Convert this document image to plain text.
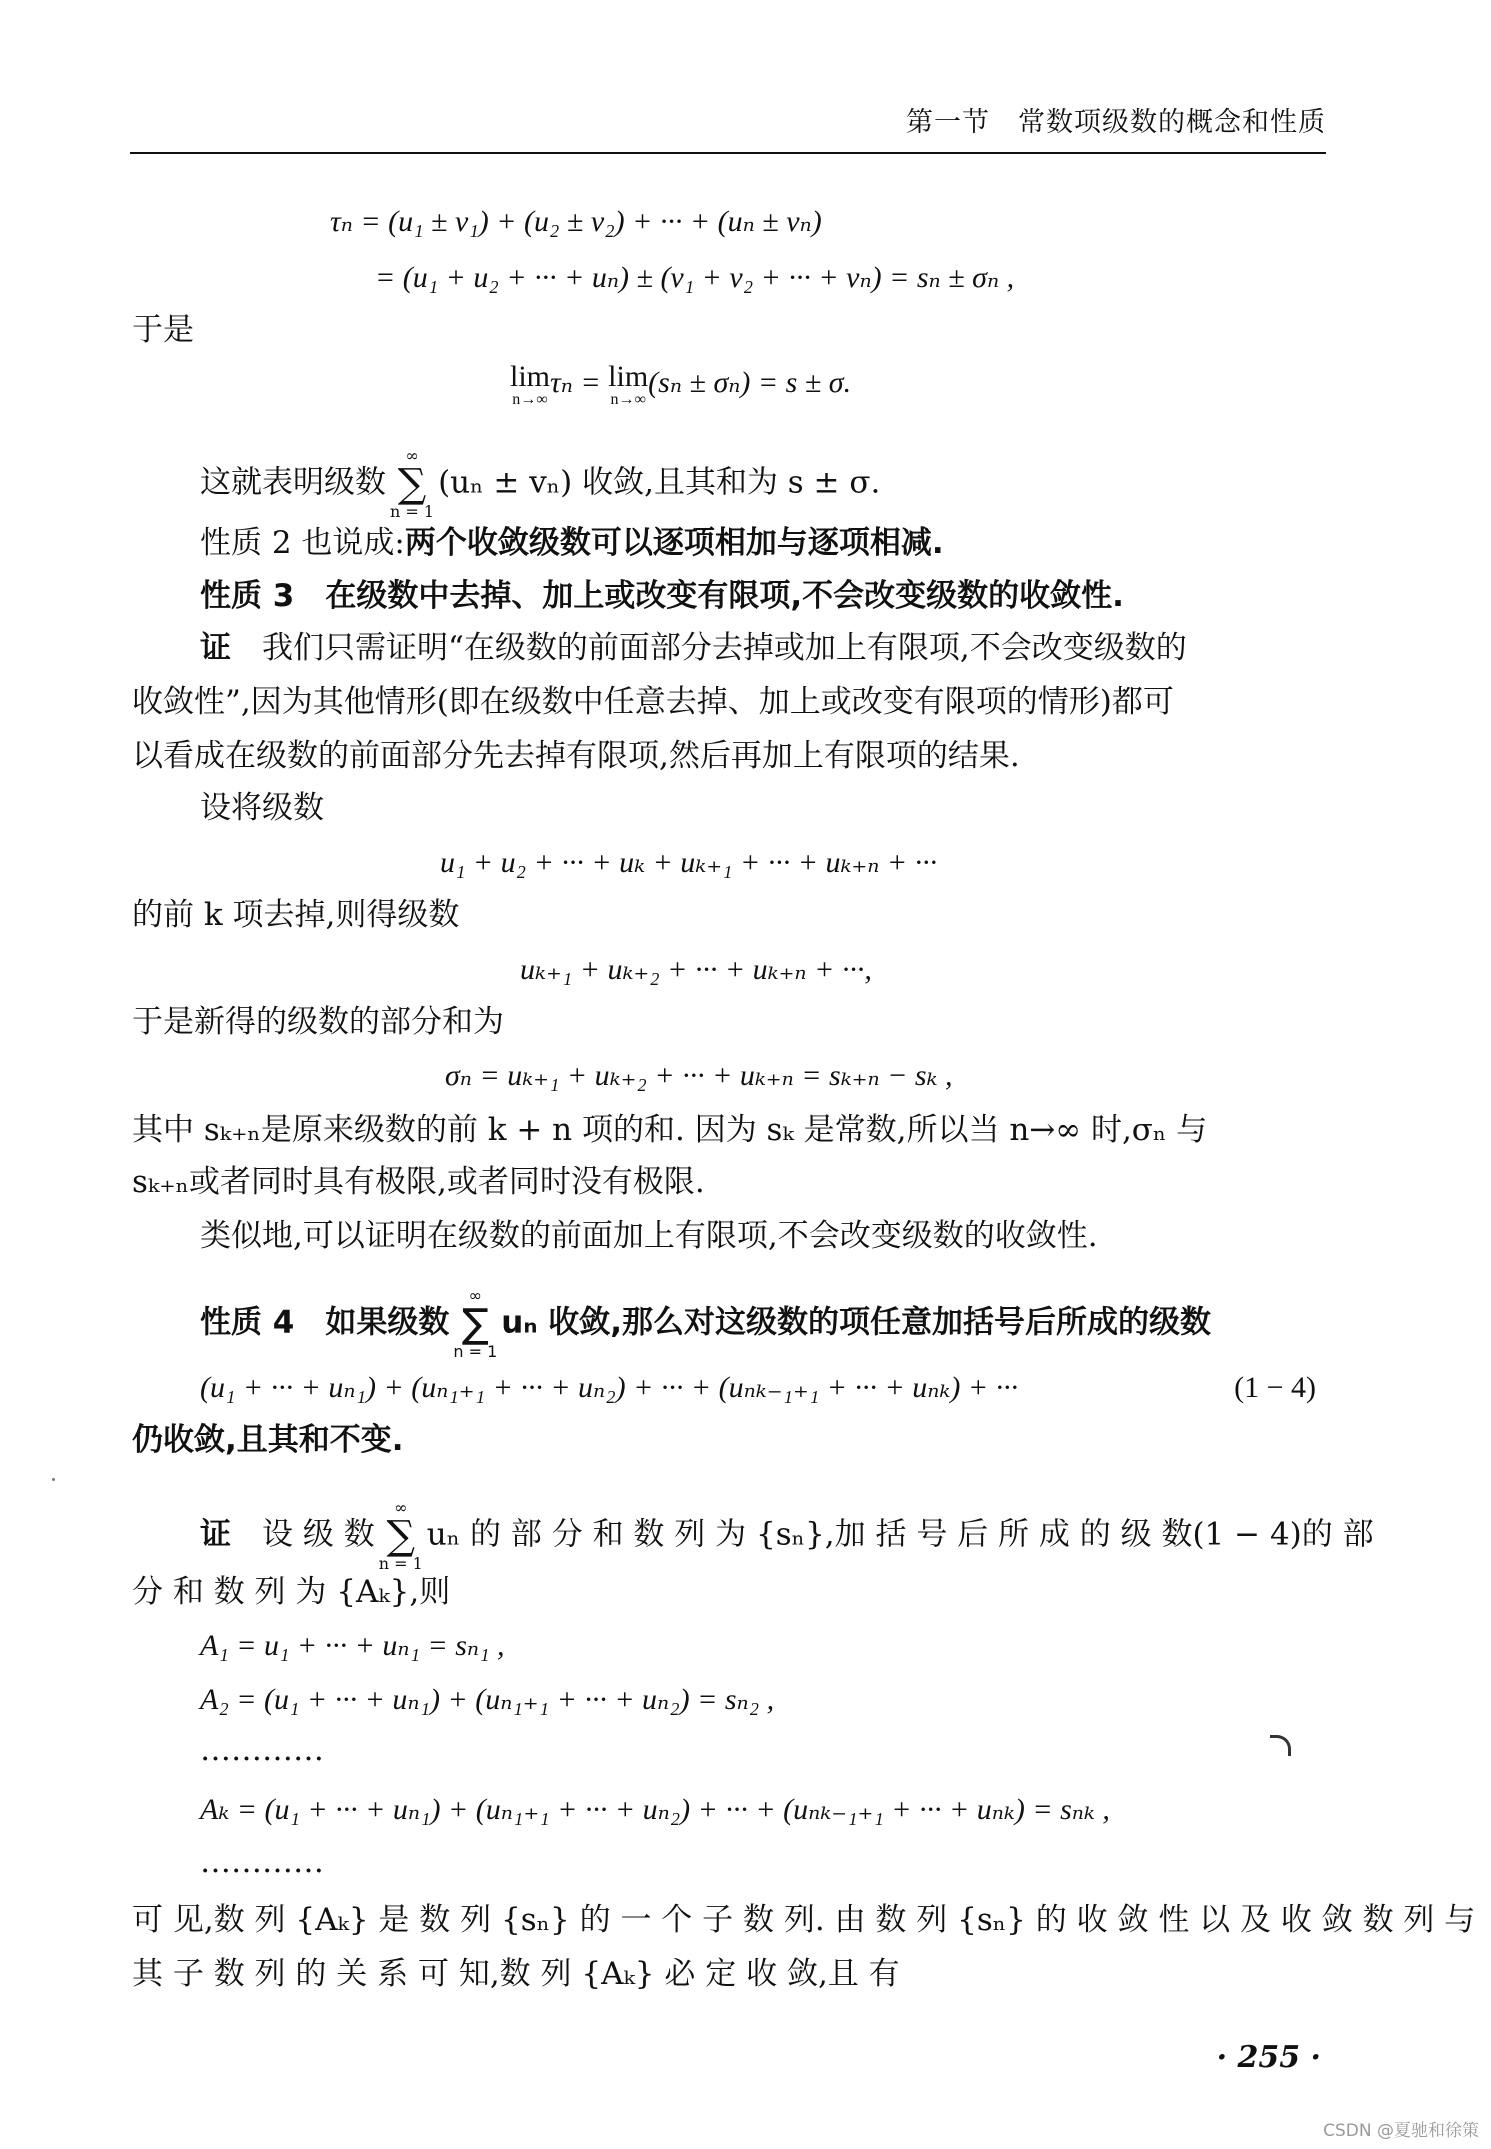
第一节 常数项级数的概念和性质
τₙ = (u₁ ± v₁) + (u₂ ± v₂) + ··· + (uₙ ± vₙ)
= (u₁ + u₂ + ··· + uₙ) ± (v₁ + v₂ + ··· + vₙ) = sₙ ± σₙ ,
于是
lim
n→∞
τₙ = lim
n→∞
(sₙ ± σₙ) = s ± σ.
这就表明级数
∞
∑
n = 1
(uₙ ± vₙ) 收敛,且其和为 s ± σ.
性质 2 也说成:两个收敛级数可以逐项相加与逐项相减.
性质 3　在级数中去掉、加上或改变有限项,不会改变级数的收敛性.
证　我们只需证明“在级数的前面部分去掉或加上有限项,不会改变级数的
收敛性”,因为其他情形(即在级数中任意去掉、加上或改变有限项的情形)都可
以看成在级数的前面部分先去掉有限项,然后再加上有限项的结果.
设将级数
u₁ + u₂ + ··· + uₖ + uₖ₊₁ + ··· + uₖ₊ₙ + ···
的前 k 项去掉,则得级数
uₖ₊₁ + uₖ₊₂ + ··· + uₖ₊ₙ + ···,
于是新得的级数的部分和为
σₙ = uₖ₊₁ + uₖ₊₂ + ··· + uₖ₊ₙ = sₖ₊ₙ − sₖ ,
其中 sₖ₊ₙ是原来级数的前 k + n 项的和. 因为 sₖ 是常数,所以当 n→∞ 时,σₙ 与
sₖ₊ₙ或者同时具有极限,或者同时没有极限.
类似地,可以证明在级数的前面加上有限项,不会改变级数的收敛性.
性质 4　如果级数
∞
∑
n = 1
uₙ 收敛,那么对这级数的项任意加括号后所成的级数
(u₁ + ··· + uₙ₁) + (uₙ₁₊₁ + ··· + uₙ₂) + ··· + (uₙₖ₋₁₊₁ + ··· + uₙₖ) + ···	(1 − 4)
仍收敛,且其和不变.
证　设 级 数
∞
∑
n = 1
uₙ 的 部 分 和 数 列 为 {sₙ},加 括 号 后 所 成 的 级 数(1 − 4)的 部
分 和 数 列 为 {Aₖ},则
A₁ = u₁ + ··· + uₙ₁ = sₙ₁ ,
A₂ = (u₁ + ··· + uₙ₁) + (uₙ₁₊₁ + ··· + uₙ₂) = sₙ₂ ,
…………
Aₖ = (u₁ + ··· + uₙ₁) + (uₙ₁₊₁ + ··· + uₙ₂) + ··· + (uₙₖ₋₁₊₁ + ··· + uₙₖ) = sₙₖ ,
…………
可 见,数 列 {Aₖ} 是 数 列 {sₙ} 的 一 个 子 数 列. 由 数 列 {sₙ} 的 收 敛 性 以 及 收 敛 数 列 与
其 子 数 列 的 关 系 可 知,数 列 {Aₖ} 必 定 收 敛,且 有
· 255 ·
CSDN @夏驰和徐策
